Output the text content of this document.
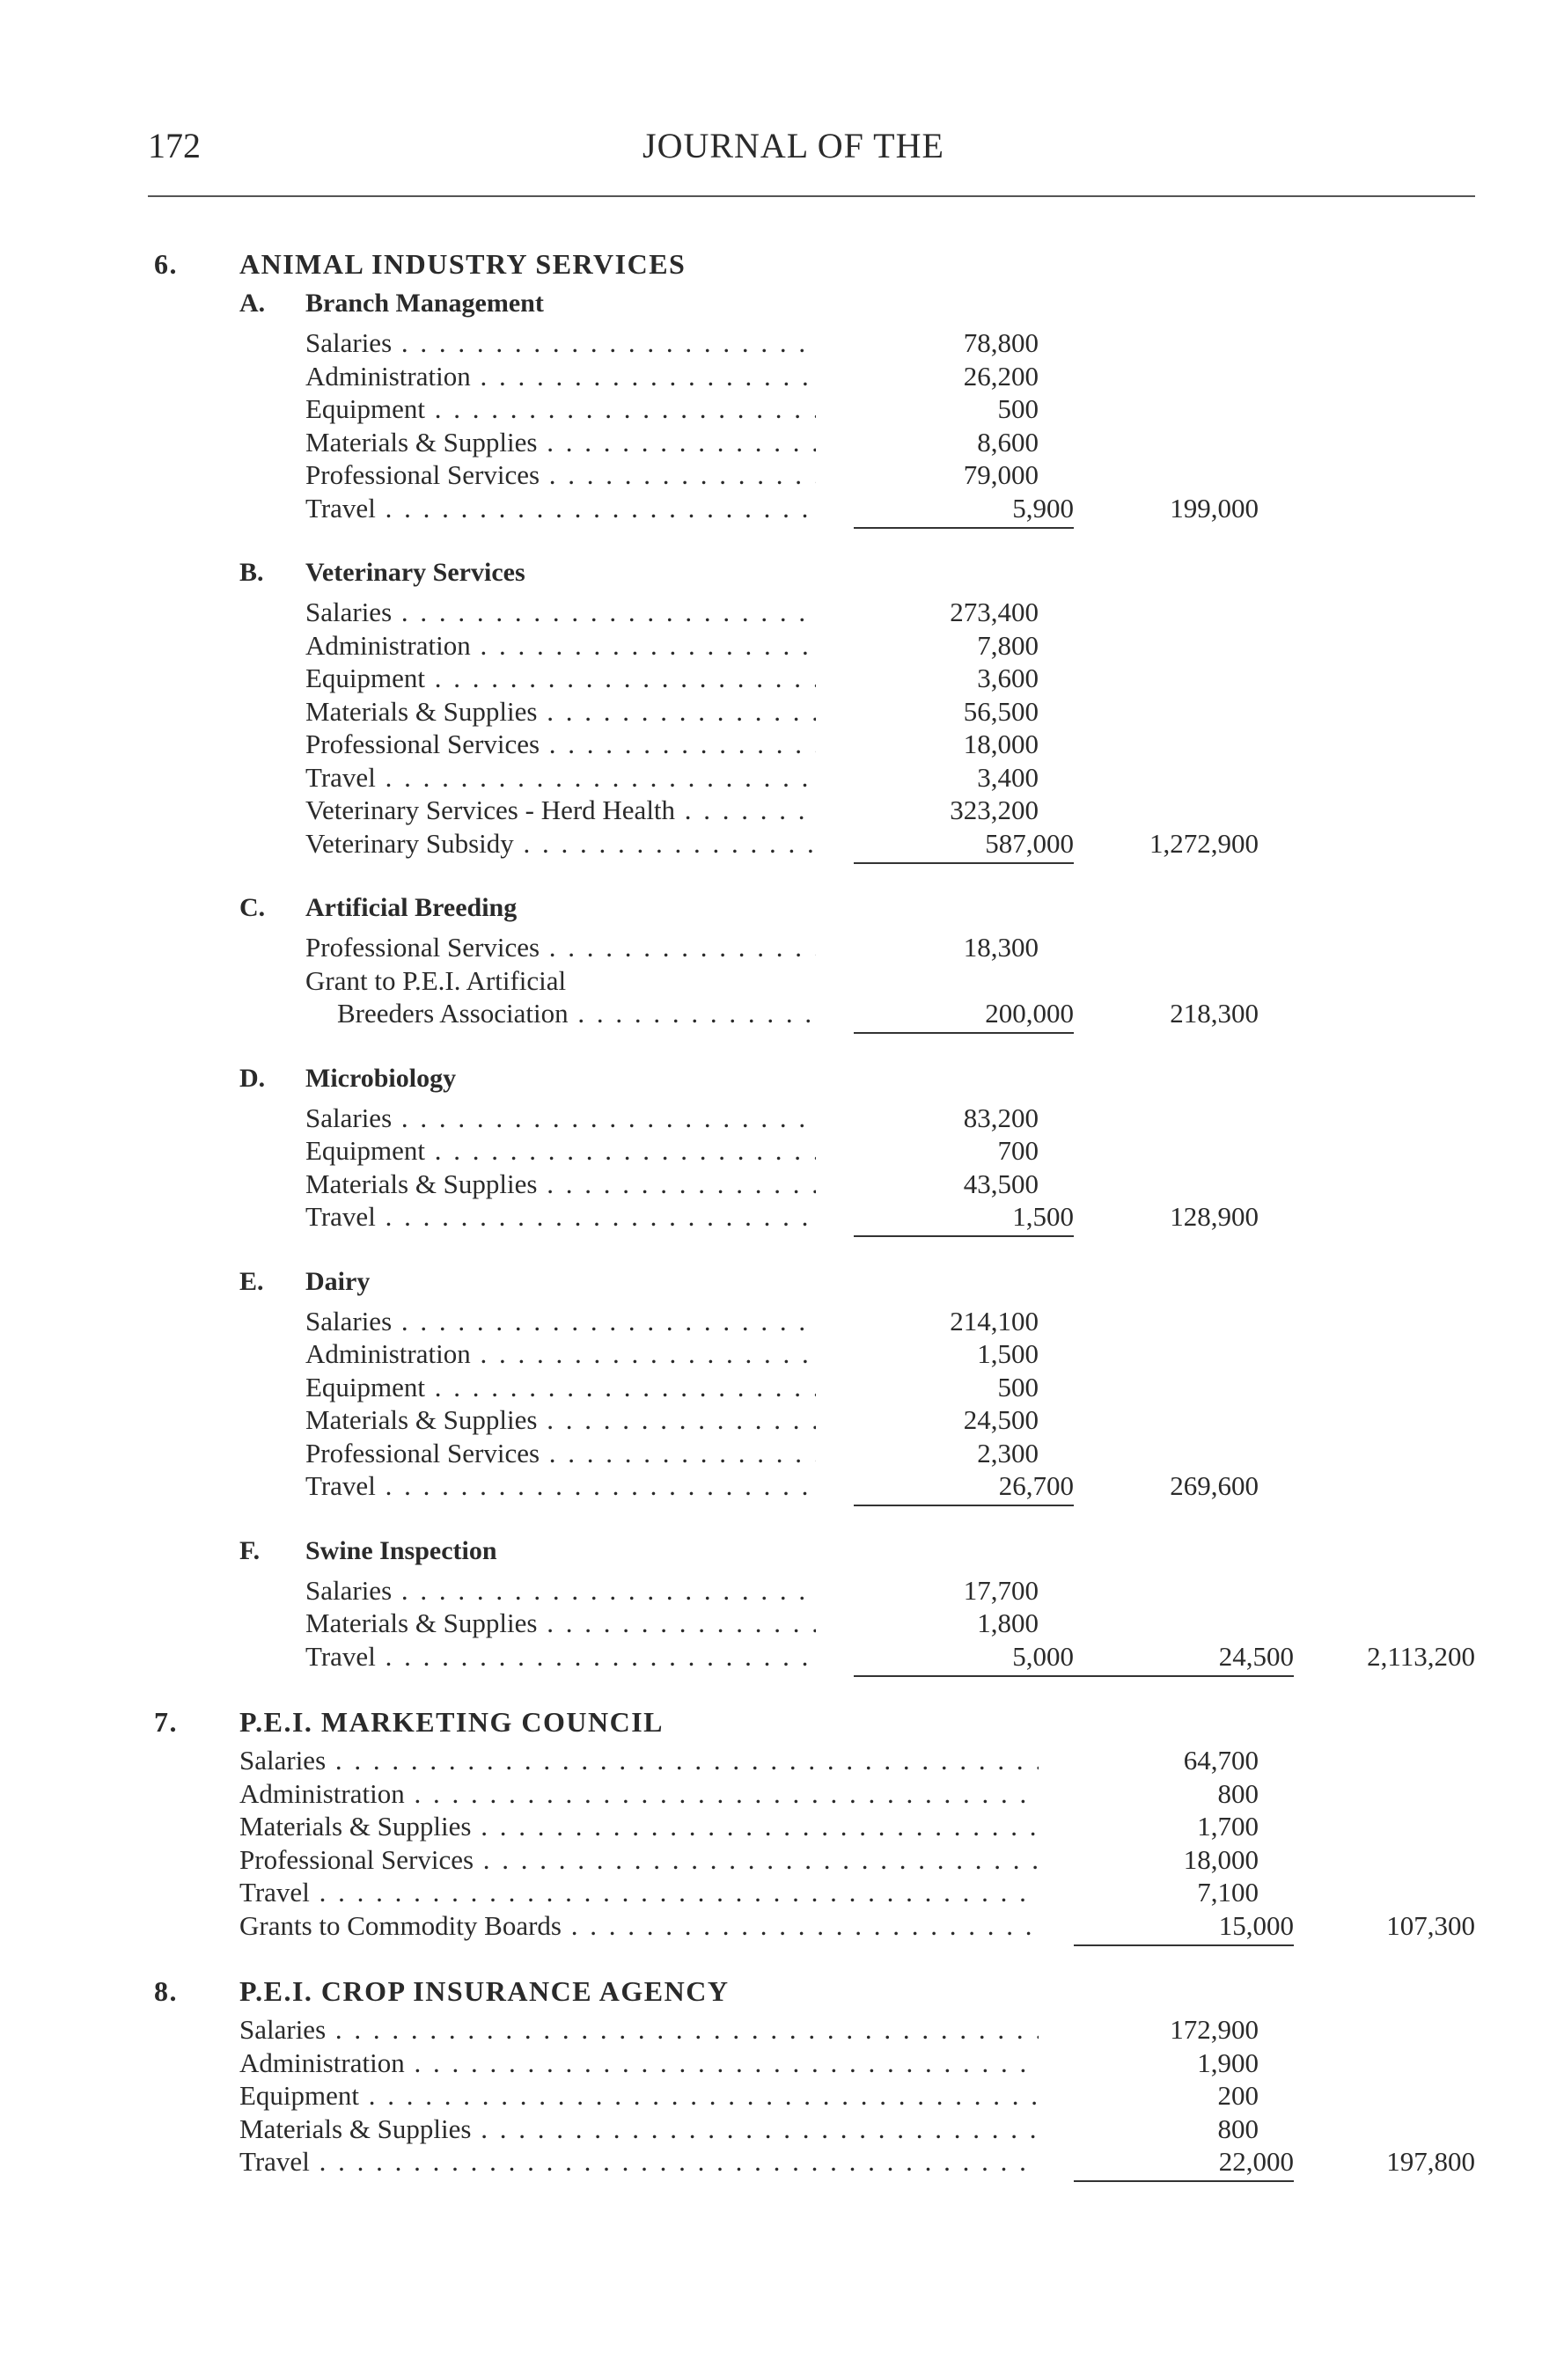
172	JOURNAL OF THE
6. ANIMAL INDUSTRY SERVICES
A. Branch Management
Salaries . . .	78,800
Administration . . .	26,200
Equipment . . .	500
Materials & Supplies . . .	8,600
Professional Services . . .	79,000
Travel . . .	5,900	199,000
B. Veterinary Services
Salaries . . .	273,400
Administration . . .	7,800
Equipment . . .	3,600
Materials & Supplies . . .	56,500
Professional Services . . .	18,000
Travel . . .	3,400
Veterinary Services - Herd Health . . .	323,200
Veterinary Subsidy . . .	587,000	1,272,900
C. Artificial Breeding
Professional Services . . .	18,300
Grant to P.E.I. Artificial
Breeders Association . . .	200,000	218,300
D. Microbiology
Salaries . . .	83,200
Equipment . . .	700
Materials & Supplies . . .	43,500
Travel . . .	1,500	128,900
E. Dairy
Salaries . . .	214,100
Administration . . .	1,500
Equipment . . .	500
Materials & Supplies . . .	24,500
Professional Services . . .	2,300
Travel . . .	26,700	269,600
F. Swine Inspection
Salaries . . .	17,700
Materials & Supplies . . .	1,800
Travel . . .	5,000	24,500	2,113,200
7. P.E.I. MARKETING COUNCIL
Salaries . . .	64,700
Administration . . .	800
Materials & Supplies . . .	1,700
Professional Services . . .	18,000
Travel . . .	7,100
Grants to Commodity Boards . . .	15,000	107,300
8. P.E.I. CROP INSURANCE AGENCY
Salaries . . .	172,900
Administration . . .	1,900
Equipment . . .	200
Materials & Supplies . . .	800
Travel . . .	22,000	197,800
